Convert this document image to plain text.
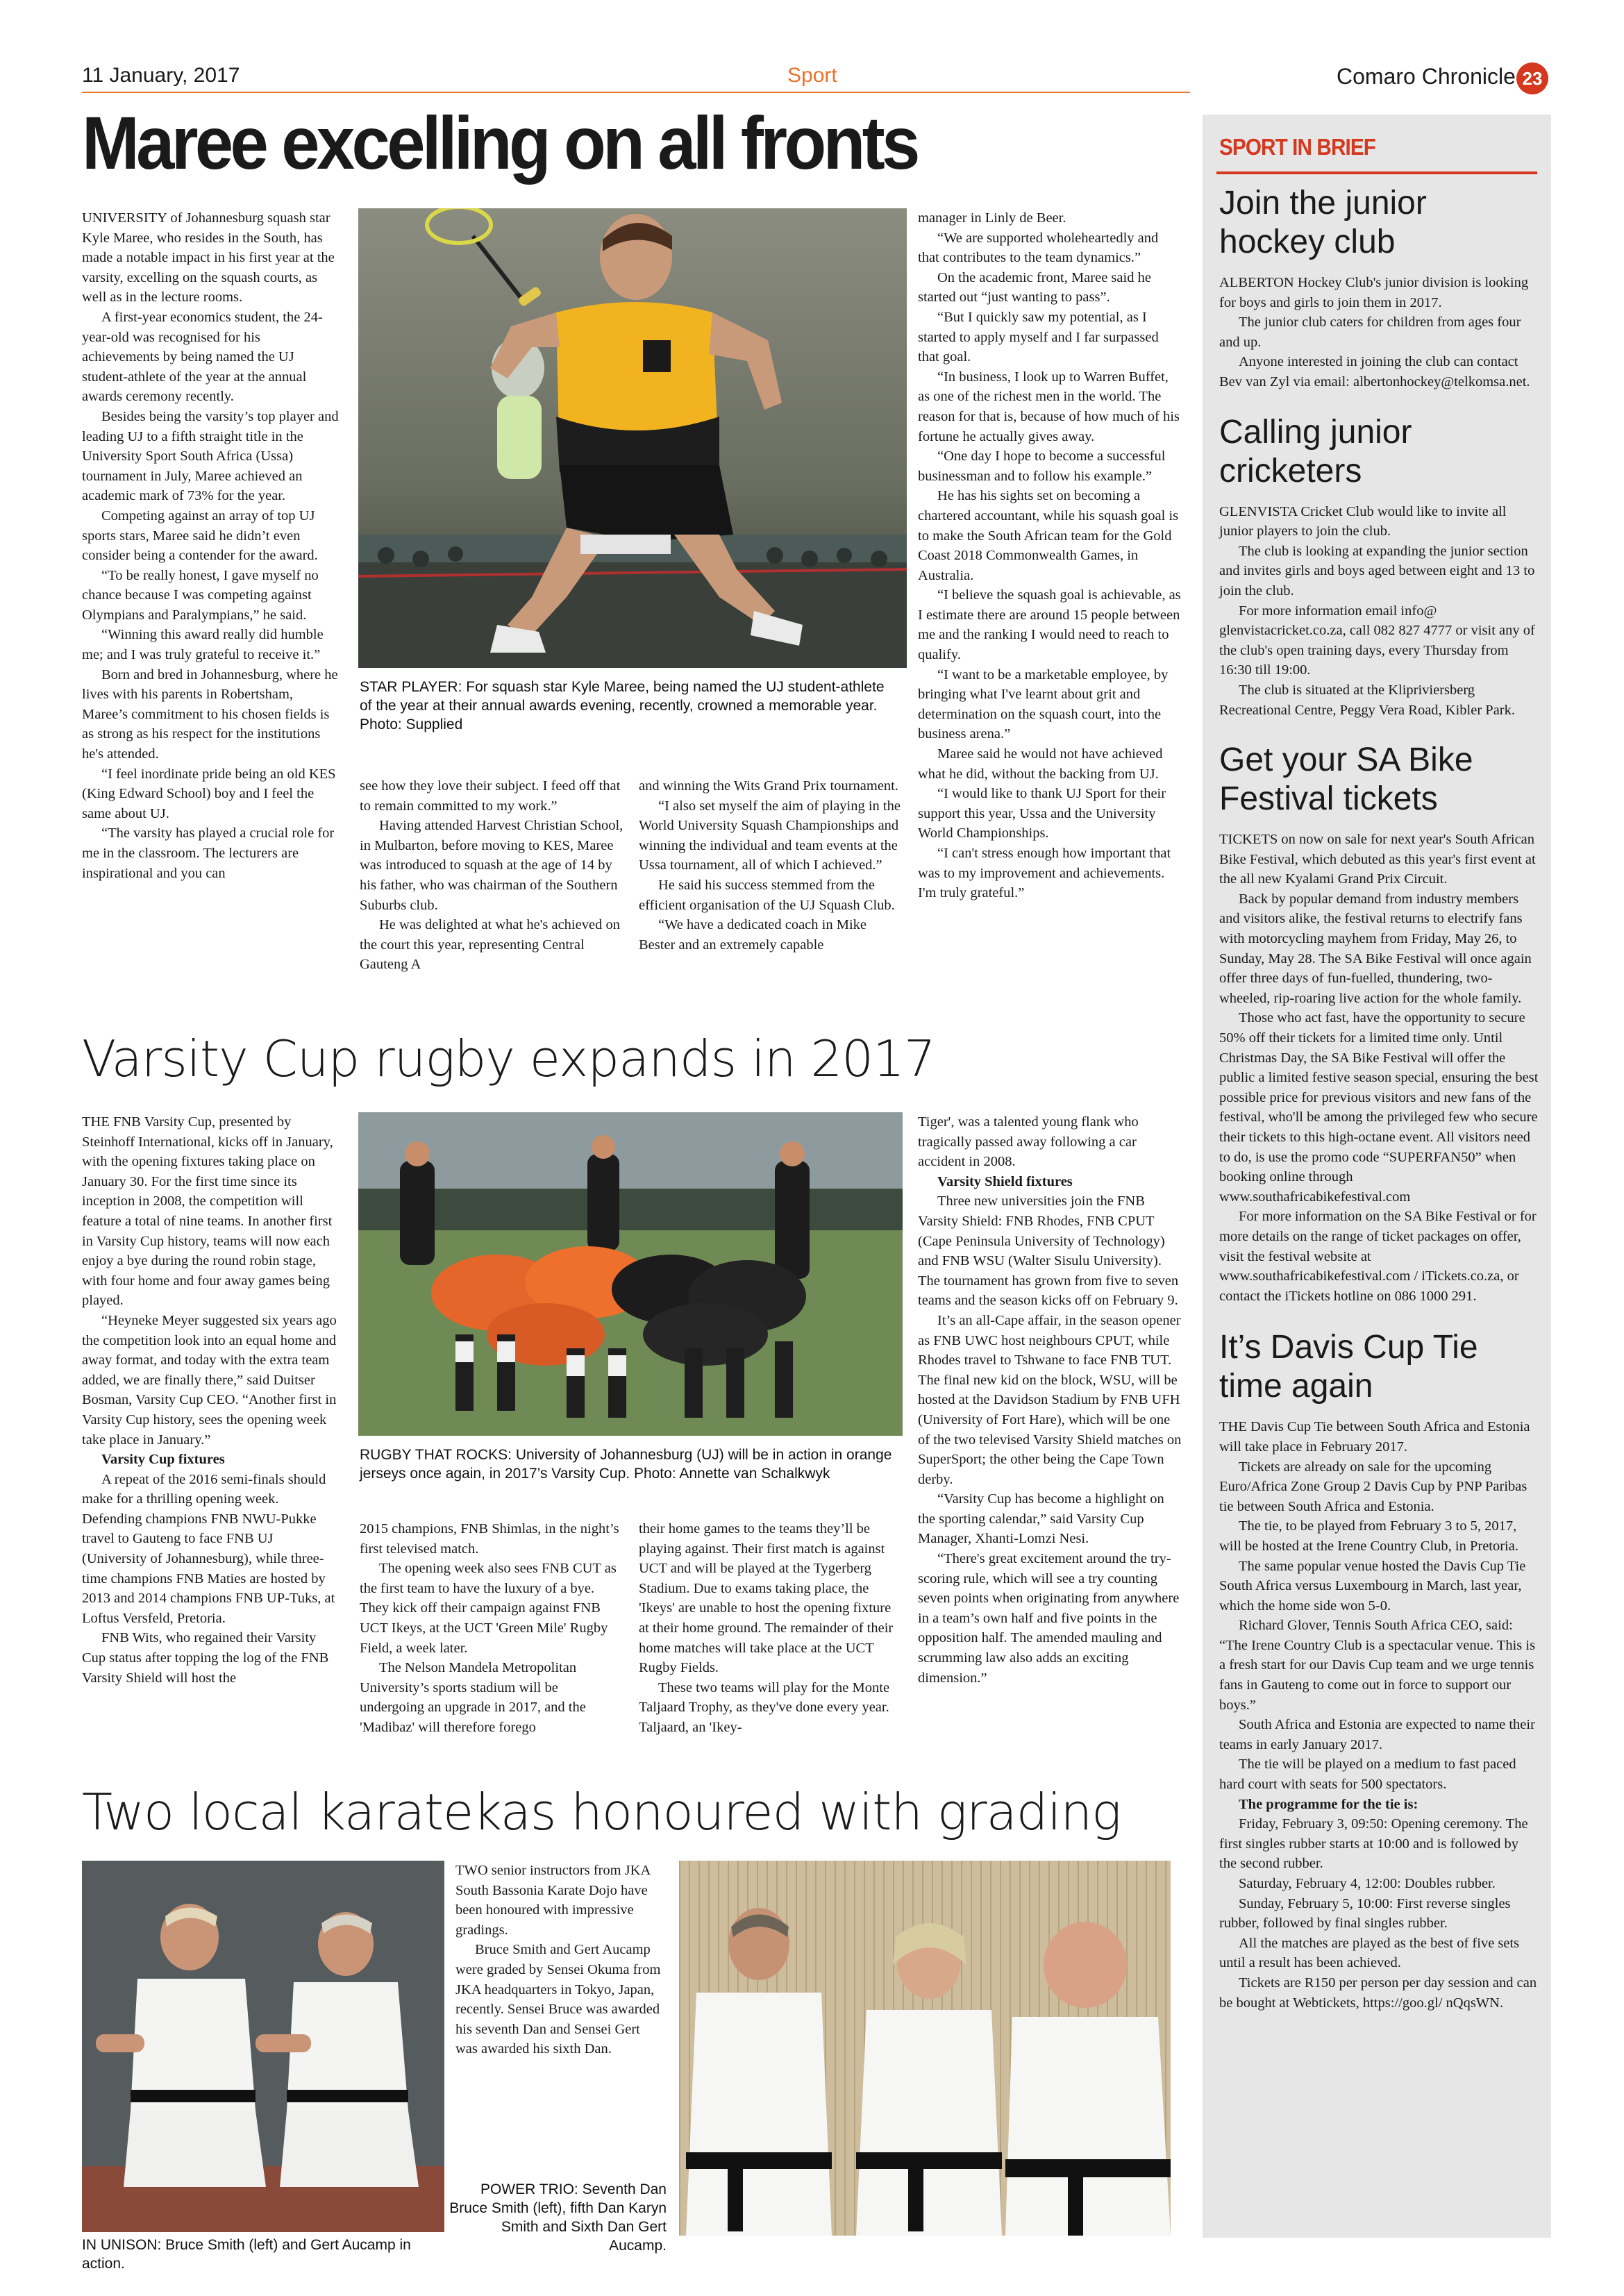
11 January, 2017	Sport	Comaro Chronicle 23
Maree excelling on all fronts

UNIVERSITY of Johannesburg squash star Kyle Maree, who resides in the South, has made a notable impact in his first year at the varsity, excelling on the squash courts, as well as in the lecture rooms.

A first-year economics student, the 24-year-old was recognised for his achievements by being named the UJ student-athlete of the year at the annual awards ceremony recently.

Besides being the varsity’s top player and leading UJ to a fifth straight title in the University Sport South Africa (Ussa) tournament in July, Maree achieved an academic mark of 73% for the year.

Competing against an array of top UJ sports stars, Maree said he didn’t even consider being a contender for the award.

“To be really honest, I gave myself no chance because I was competing against Olympians and Paralympians,” he said.

“Winning this award really did humble me; and I was truly grateful to receive it.”

Born and bred in Johannesburg, where he lives with his parents in Robertsham, Maree’s commitment to his chosen fields is as strong as his respect for the institutions he's attended.

“I feel inordinate pride being an old KES (King Edward School) boy and I feel the same about UJ.

“The varsity has played a crucial role for me in the classroom. The lecturers are inspirational and you can

STAR PLAYER: For squash star Kyle Maree, being named the UJ student-athlete of the year at their annual awards evening, recently, crowned a memorable year.
Photo: Supplied

see how they love their subject. I feed off that to remain committed to my work.”

Having attended Harvest Christian School, in Mulbarton, before moving to KES, Maree was introduced to squash at the age of 14 by his father, who was chairman of the Southern Suburbs club.

He was delighted at what he's achieved on the court this year, representing Central Gauteng A

and winning the Wits Grand Prix tournament.

“I also set myself the aim of playing in the World University Squash Championships and winning the individual and team events at the Ussa tournament, all of which I achieved.”

He said his success stemmed from the efficient organisation of the UJ Squash Club.

“We have a dedicated coach in Mike Bester and an extremely capable

manager in Linly de Beer.

“We are supported wholeheartedly and that contributes to the team dynamics.”

On the academic front, Maree said he started out “just wanting to pass”.

“But I quickly saw my potential, as I started to apply myself and I far surpassed that goal.

“In business, I look up to Warren Buffet, as one of the richest men in the world. The reason for that is, because of how much of his fortune he actually gives away.

“One day I hope to become a successful businessman and to follow his example.”

He has his sights set on becoming a chartered accountant, while his squash goal is to make the South African team for the Gold Coast 2018 Commonwealth Games, in Australia.

“I believe the squash goal is achievable, as I estimate there are around 15 people between me and the ranking I would need to reach to qualify.

“I want to be a marketable employee, by bringing what I've learnt about grit and determination on the squash court, into the business arena.”

Maree said he would not have achieved what he did, without the backing from UJ.

“I would like to thank UJ Sport for their support this year, Ussa and the University World Championships.

“I can't stress enough how important that was to my improvement and achievements. I'm truly grateful.”

Varsity Cup rugby expands in 2017

THE FNB Varsity Cup, presented by Steinhoff International, kicks off in January, with the opening fixtures taking place on January 30. For the first time since its inception in 2008, the competition will feature a total of nine teams. In another first in Varsity Cup history, teams will now each enjoy a bye during the round robin stage, with four home and four away games being played.

“Heyneke Meyer suggested six years ago the competition look into an equal home and away format, and today with the extra team added, we are finally there,” said Duitser Bosman, Varsity Cup CEO. “Another first in Varsity Cup history, sees the opening week take place in January.”

Varsity Cup fixtures

A repeat of the 2016 semi-finals should make for a thrilling opening week. Defending champions FNB NWU-Pukke travel to Gauteng to face FNB UJ (University of Johannesburg), while three-time champions FNB Maties are hosted by 2013 and 2014 champions FNB UP-Tuks, at Loftus Versfeld, Pretoria.

FNB Wits, who regained their Varsity Cup status after topping the log of the FNB Varsity Shield will host the

RUGBY THAT ROCKS: University of Johannesburg (UJ) will be in action in orange jerseys once again, in 2017’s Varsity Cup. Photo: Annette van Schalkwyk

2015 champions, FNB Shimlas, in the night’s first televised match.

The opening week also sees FNB CUT as the first team to have the luxury of a bye. They kick off their campaign against FNB UCT Ikeys, at the UCT 'Green Mile' Rugby Field, a week later.

The Nelson Mandela Metropolitan University’s sports stadium will be undergoing an upgrade in 2017, and the 'Madibaz' will therefore forego

their home games to the teams they’ll be playing against. Their first match is against UCT and will be played at the Tygerberg Stadium. Due to exams taking place, the 'Ikeys' are unable to host the opening fixture at their home ground. The remainder of their home matches will take place at the UCT Rugby Fields.

These two teams will play for the Monte Taljaard Trophy, as they've done every year. Taljaard, an 'Ikey-

Tiger', was a talented young flank who tragically passed away following a car accident in 2008.

Varsity Shield fixtures

Three new universities join the FNB Varsity Shield: FNB Rhodes, FNB CPUT (Cape Peninsula University of Technology) and FNB WSU (Walter Sisulu University). The tournament has grown from five to seven teams and the season kicks off on February 9.

It’s an all-Cape affair, in the season opener as FNB UWC host neighbours CPUT, while Rhodes travel to Tshwane to face FNB TUT. The final new kid on the block, WSU, will be hosted at the Davidson Stadium by FNB UFH (University of Fort Hare), which will be one of the two televised Varsity Shield matches on SuperSport; the other being the Cape Town derby.

“Varsity Cup has become a highlight on the sporting calendar,” said Varsity Cup Manager, Xhanti-Lomzi Nesi.

“There's great excitement around the try-scoring rule, which will see a try counting seven points when originating from anywhere in a team’s own half and five points in the opposition half. The amended mauling and scrumming law also adds an exciting dimension.”

Two local karatekas honoured with grading
IN UNISON: Bruce Smith (left) and Gert Aucamp in action.

TWO senior instructors from JKA South Bassonia Karate Dojo have been honoured with impressive gradings.

Bruce Smith and Gert Aucamp were graded by Sensei Okuma from JKA headquarters in Tokyo, Japan, recently. Sensei Bruce was awarded his seventh Dan and Sensei Gert was awarded his sixth Dan.

POWER TRIO: Seventh Dan Bruce Smith (left), fifth Dan Karyn Smith and Sixth Dan Gert Aucamp.
SPORT IN BRIEF
Join the junior hockey club

ALBERTON Hockey Club's junior division is looking for boys and girls to join them in 2017.

The junior club caters for children from ages four and up.

Anyone interested in joining the club can contact Bev van Zyl via email: albertonhockey@telkomsa.net.

Calling junior cricketers

GLENVISTA Cricket Club would like to invite all junior players to join the club.

The club is looking at expanding the junior section and invites girls and boys aged between eight and 13 to join the club.

For more information email info@ glenvistacricket.co.za, call 082 827 4777 or visit any of the club's open training days, every Thursday from 16:30 till 19:00.

The club is situated at the Klipriviersberg Recreational Centre, Peggy Vera Road, Kibler Park.

Get your SA Bike Festival tickets

TICKETS on now on sale for next year's South African Bike Festival, which debuted as this year's first event at the all new Kyalami Grand Prix Circuit.

Back by popular demand from industry members and visitors alike, the festival returns to electrify fans with motorcycling mayhem from Friday, May 26, to Sunday, May 28. The SA Bike Festival will once again offer three days of fun-fuelled, thundering, two-wheeled, rip-roaring live action for the whole family.

Those who act fast, have the opportunity to secure 50% off their tickets for a limited time only. Until Christmas Day, the SA Bike Festival will offer the public a limited festive season special, ensuring the best possible price for previous visitors and new fans of the festival, who'll be among the privileged few who secure their tickets to this high-octane event. All visitors need to do, is use the promo code “SUPERFAN50” when booking online through www.southafricabikefestival.com

For more information on the SA Bike Festival or for more details on the range of ticket packages on offer, visit the festival website at www.southafricabikefestival.com / iTickets.co.za, or contact the iTickets hotline on 086 1000 291.

It’s Davis Cup Tie time again

THE Davis Cup Tie between South Africa and Estonia will take place in February 2017.

Tickets are already on sale for the upcoming Euro/Africa Zone Group 2 Davis Cup by PNP Paribas tie between South Africa and Estonia.

The tie, to be played from February 3 to 5, 2017, will be hosted at the Irene Country Club, in Pretoria.

The same popular venue hosted the Davis Cup Tie South Africa versus Luxembourg in March, last year, which the home side won 5-0.

Richard Glover, Tennis South Africa CEO, said: “The Irene Country Club is a spectacular venue. This is a fresh start for our Davis Cup team and we urge tennis fans in Gauteng to come out in force to support our boys.”

South Africa and Estonia are expected to name their teams in early January 2017.

The tie will be played on a medium to fast paced hard court with seats for 500 spectators.

The programme for the tie is:

Friday, February 3, 09:50: Opening ceremony. The first singles rubber starts at 10:00 and is followed by the second rubber.

Saturday, February 4, 12:00: Doubles rubber.

Sunday, February 5, 10:00: First reverse singles rubber, followed by final singles rubber.

All the matches are played as the best of five sets until a result has been achieved.

Tickets are R150 per person per day session and can be bought at Webtickets, https://goo.gl/ nQqsWN.
